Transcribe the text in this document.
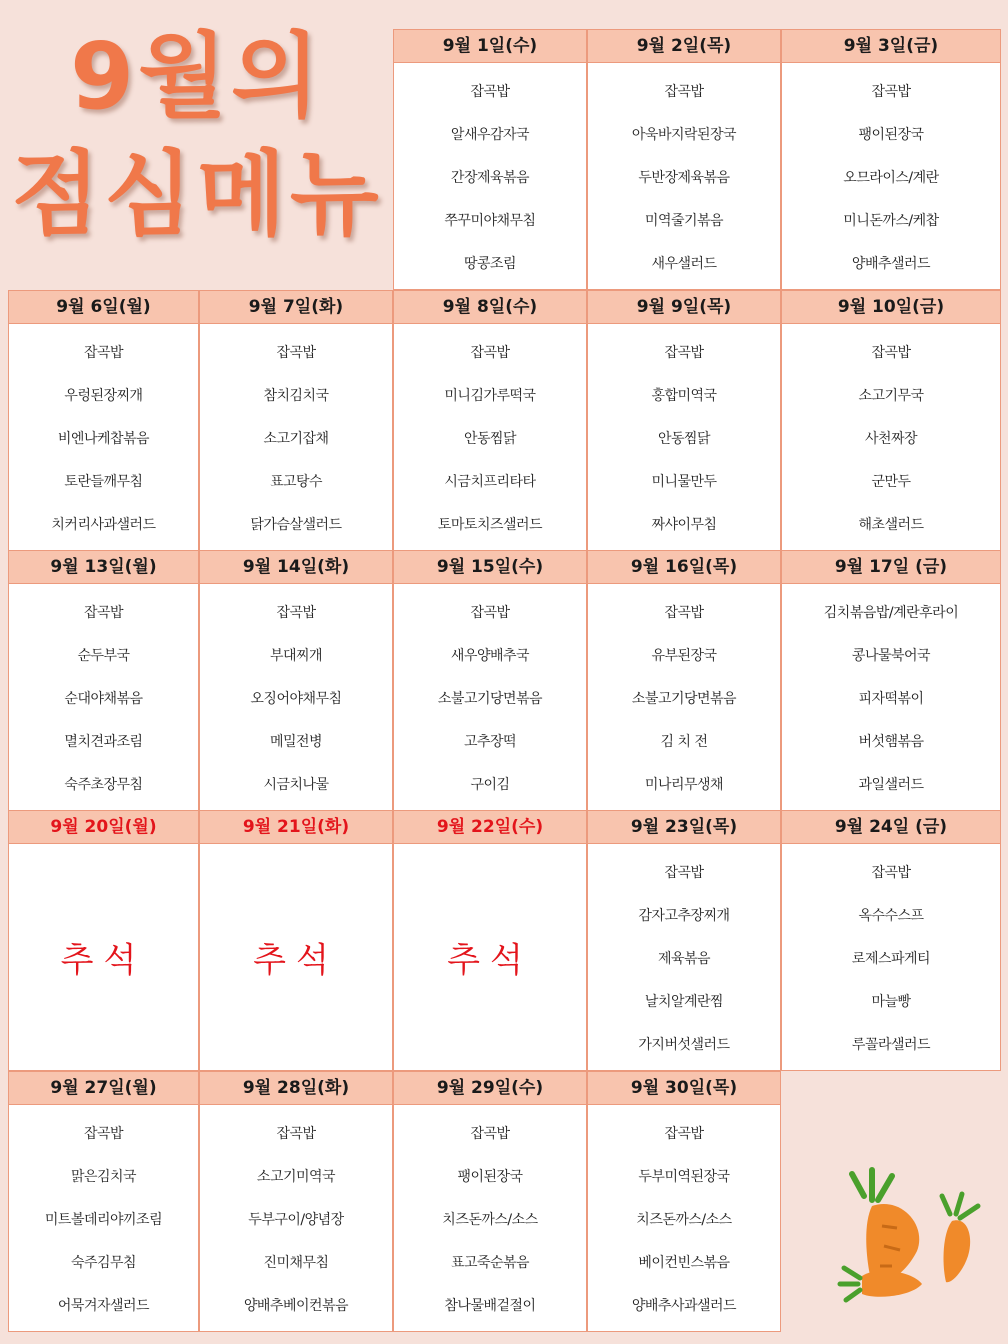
9월의
점심메뉴
9월 1일(수)
잡곡밥
알새우감자국
간장제육볶음
쭈꾸미야채무침
땅콩조림
9월 2일(목)
잡곡밥
아욱바지락된장국
두반장제육볶음
미역줄기볶음
새우샐러드
9월 3일(금)
잡곡밥
팽이된장국
오므라이스/계란
미니돈까스/케찹
양배추샐러드
9월 6일(월)
잡곡밥
우렁된장찌개
비엔나케찹볶음
토란들깨무침
치커리사과샐러드
9월 7일(화)
잡곡밥
참치김치국
소고기잡채
표고탕수
닭가슴살샐러드
9월 8일(수)
잡곡밥
미니김가루떡국
안동찜닭
시금치프리타타
토마토치즈샐러드
9월 9일(목)
잡곡밥
홍합미역국
안동찜닭
미니물만두
짜샤이무침
9월 10일(금)
잡곡밥
소고기무국
사천짜장
군만두
해초샐러드
9월 13일(월)
잡곡밥
순두부국
순대야채볶음
멸치견과조림
숙주초장무침
9월 14일(화)
잡곡밥
부대찌개
오징어야채무침
메밀전병
시금치나물
9월 15일(수)
잡곡밥
새우양배추국
소불고기당면볶음
고추장떡
구이김
9월 16일(목)
잡곡밥
유부된장국
소불고기당면볶음
김 치 전
미나리무생채
9월 17일 (금)
김치볶음밥/계란후라이
콩나물북어국
피자떡볶이
버섯햄볶음
과일샐러드
9월 20일(월)
추석
9월 21일(화)
추석
9월 22일(수)
추석
9월 23일(목)
잡곡밥
감자고추장찌개
제육볶음
날치알계란찜
가지버섯샐러드
9월 24일 (금)
잡곡밥
옥수수스프
로제스파게티
마늘빵
루꼴라샐러드
9월 27일(월)
잡곡밥
맑은김치국
미트볼데리야끼조림
숙주김무침
어묵겨자샐러드
9월 28일(화)
잡곡밥
소고기미역국
두부구이/양념장
진미채무침
양배추베이컨볶음
9월 29일(수)
잡곡밥
팽이된장국
치즈돈까스/소스
표고죽순볶음
참나물배겉절이
9월 30일(목)
잡곡밥
두부미역된장국
치즈돈까스/소스
베이컨빈스볶음
양배추사과샐러드
